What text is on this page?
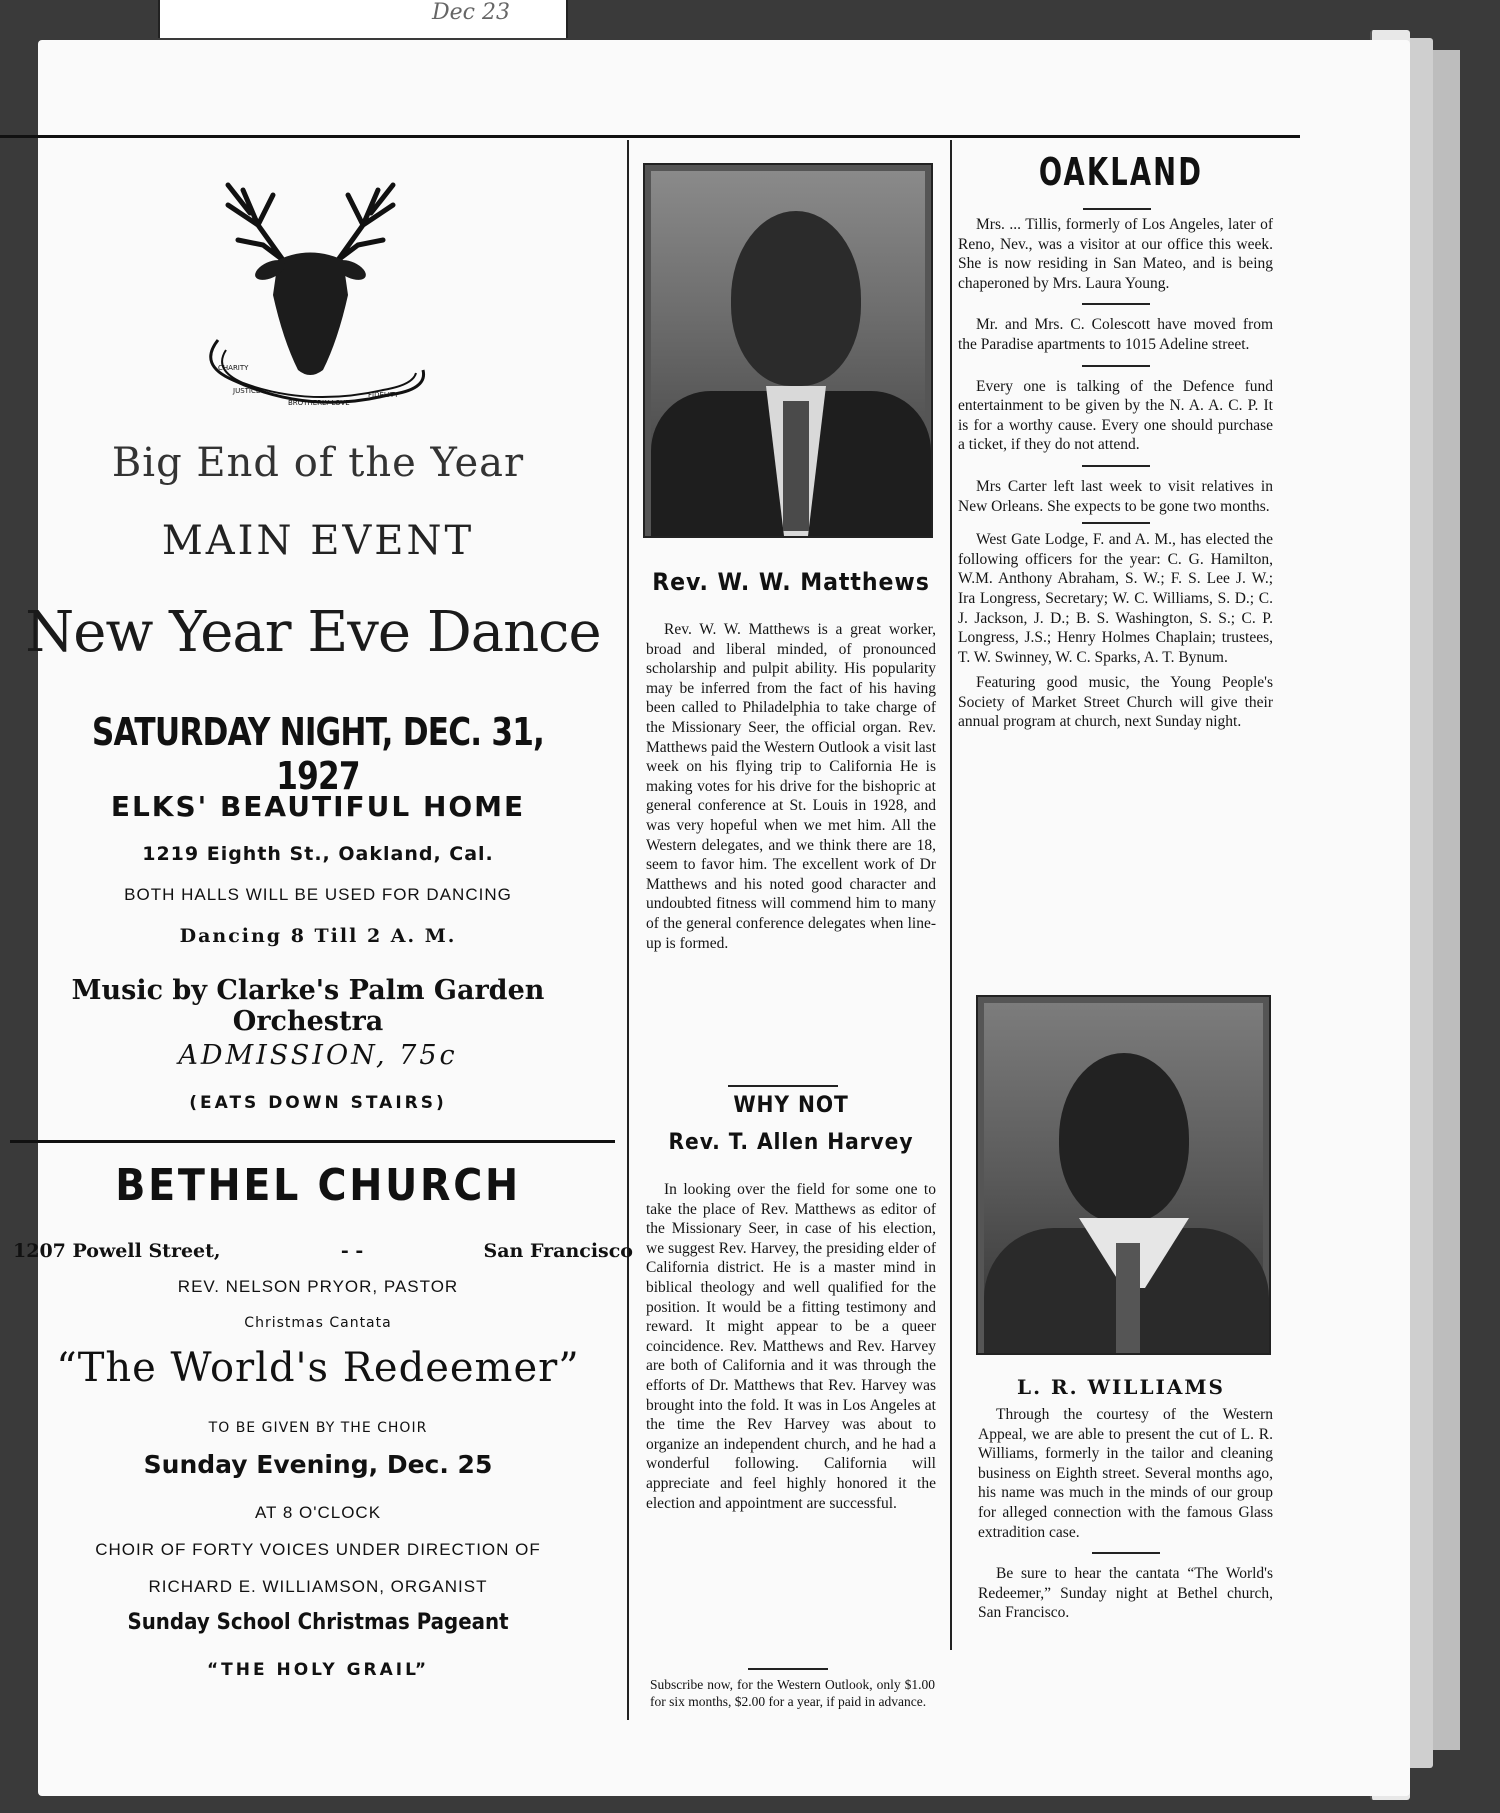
Dec 23
CHARITY
JUSTICE
BROTHERLY LOVE
FIDELITY
Big End of the Year
MAIN EVENT
New Year Eve Dance
SATURDAY NIGHT, DEC. 31, 1927
ELKS' BEAUTIFUL HOME
1219 Eighth St., Oakland, Cal.
BOTH HALLS WILL BE USED FOR DANCING
Dancing 8 Till 2 A. M.
Music by Clarke's Palm Garden Orchestra
ADMISSION, 75c
(EATS DOWN STAIRS)
BETHEL CHURCH
1207 Powell Street,	- -	San Francisco
REV. NELSON PRYOR, PASTOR
Christmas Cantata
“The World's Redeemer”
TO BE GIVEN BY THE CHOIR
Sunday Evening, Dec. 25
AT 8 O'CLOCK
CHOIR OF FORTY VOICES UNDER DIRECTION OF
RICHARD E. WILLIAMSON, ORGANIST
Sunday School Christmas Pageant
“THE HOLY GRAIL”
Rev. W. W. Matthews

Rev. W. W. Matthews is a great worker, broad and liberal minded, of pronounced scholarship and pulpit ability. His popularity may be inferred from the fact of his having been called to Philadelphia to take charge of the Missionary Seer, the official organ. Rev. Matthews paid the Western Outlook a visit last week on his flying trip to California He is making votes for his drive for the bishopric at general conference at St. Louis in 1928, and was very hopeful when we met him. All the Western delegates, and we think there are 18, seem to favor him. The excellent work of Dr Matthews and his noted good character and undoubted fitness will commend him to many of the general conference delegates when line-up is formed.

WHY NOT
Rev. T. Allen Harvey

In looking over the field for some one to take the place of Rev. Matthews as editor of the Missionary Seer, in case of his election, we suggest Rev. Harvey, the presiding elder of California district. He is a master mind in biblical theology and well qualified for the position. It would be a fitting testimony and reward. It might appear to be a queer coincidence. Rev. Matthews and Rev. Harvey are both of California and it was through the efforts of Dr. Matthews that Rev. Harvey was brought into the fold. It was in Los Angeles at the time the Rev Harvey was about to organize an independent church, and he had a wonderful following. California will appreciate and feel highly honored it the election and appointment are successful.

Subscribe now, for the Western Outlook, only $1.00 for six months, $2.00 for a year, if paid in advance.
OAKLAND

Mrs. ... Tillis, formerly of Los Angeles, later of Reno, Nev., was a visitor at our office this week. She is now residing in San Mateo, and is being chaperoned by Mrs. Laura Young.

Mr. and Mrs. C. Colescott have moved from the Paradise apartments to 1015 Adeline street.

Every one is talking of the Defence fund entertainment to be given by the N. A. A. C. P. It is for a worthy cause. Every one should purchase a ticket, if they do not attend.

Mrs Carter left last week to visit relatives in New Orleans. She expects to be gone two months.

West Gate Lodge, F. and A. M., has elected the following officers for the year: C. G. Hamilton, W.M. Anthony Abraham, S. W.; F. S. Lee J. W.; Ira Longress, Secretary; W. C. Williams, S. D.; C. J. Jackson, J. D.; B. S. Washington, S. S.; C. P. Longress, J.S.; Henry Holmes Chaplain; trustees, T. W. Swinney, W. C. Sparks, A. T. Bynum.

Featuring good music, the Young People's Society of Market Street Church will give their annual program at church, next Sunday night.

L. R. WILLIAMS

Through the courtesy of the Western Appeal, we are able to present the cut of L. R. Williams, formerly in the tailor and cleaning business on Eighth street. Several months ago, his name was much in the minds of our group for alleged connection with the famous Glass extradition case.

Be sure to hear the cantata “The World's Redeemer,” Sunday night at Bethel church, San Francisco.
